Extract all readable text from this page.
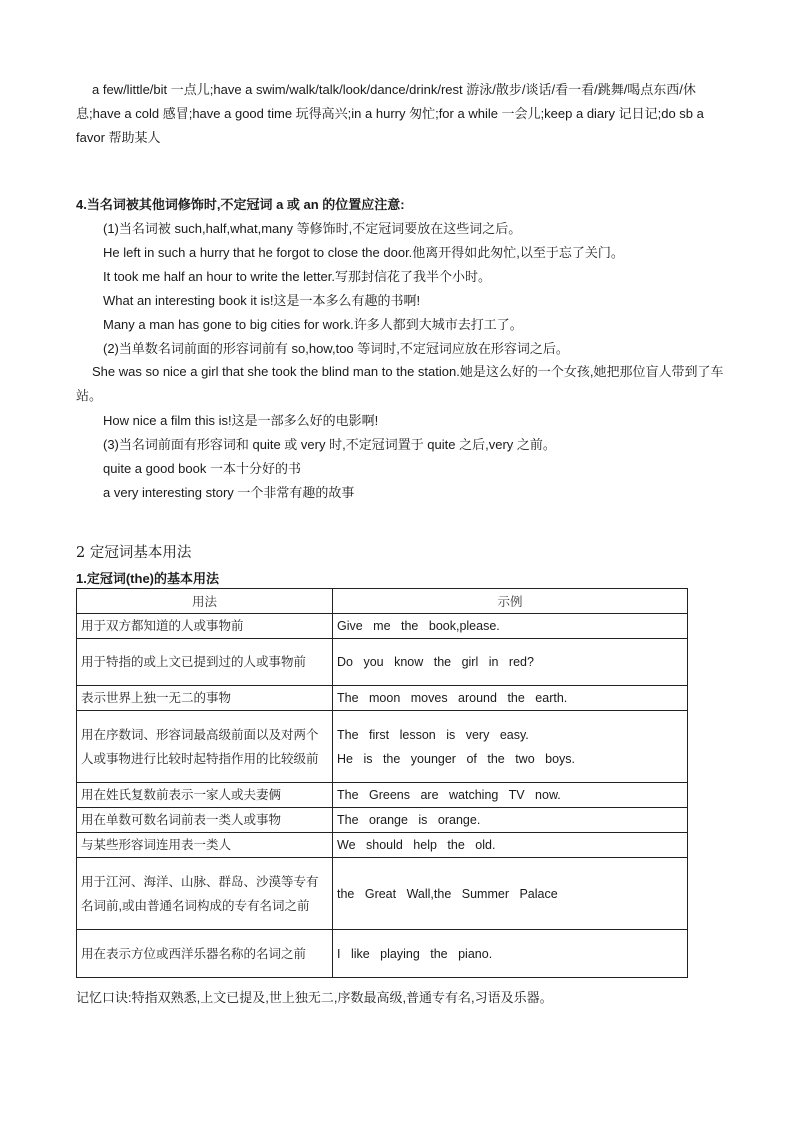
a few/little/bit 一点儿;have a swim/walk/talk/look/dance/drink/rest 游泳/散步/谈话/看一看/跳舞/喝点东西/休息;have a cold 感冒;have a good time 玩得高兴;in a hurry 匆忙;for a while 一会儿;keep a diary 记日记;do sb a favor 帮助某人

4.当名词被其他词修饰时,不定冠词 a 或 an 的位置应注意:
(1)当名词被 such,half,what,many 等修饰时,不定冠词要放在这些词之后。
He left in such a hurry that he forgot to close the door.他离开得如此匆忙,以至于忘了关门。
It took me half an hour to write the letter.写那封信花了我半个小时。
What an interesting book it is!这是一本多么有趣的书啊!
Many a man has gone to big cities for work.许多人都到大城市去打工了。
(2)当单数名词前面的形容词前有 so,how,too 等词时,不定冠词应放在形容词之后。

She was so nice a girl that she took the blind man to the station.她是这么好的一个女孩,她把那位盲人带到了车站。

How nice a film this is!这是一部多么好的电影啊!
(3)当名词前面有形容词和 quite 或 very 时,不定冠词置于 quite 之后,very 之前。
quite a good book 一本十分好的书
a very interesting story 一个非常有趣的故事
2 定冠词基本用法
1.定冠词(the)的基本用法
用法	示例
用于双方都知道的人或事物前	Give me the book,please.
用于特指的或上文已提到过的人或事物前	Do you know the girl in red?
表示世界上独一无二的事物	The moon moves around the earth.
用在序数词、形容词最高级前面以及对两个人或事物进行比较时起特指作用的比较级前	The first lesson is very easy.
He is the younger of the two boys.

用在姓氏复数前表示一家人或夫妻俩	The Greens are watching TV now.
用在单数可数名词前表一类人或事物	The orange is orange.
与某些形容词连用表一类人	We should help the old.
用于江河、海洋、山脉、群岛、沙漠等专有名词前,或由普通名词构成的专有名词之前	the Great Wall,the Summer Palace
用在表示方位或西洋乐器名称的名词之前	I like playing the piano.
记忆口诀:特指双熟悉,上文已提及,世上独无二,序数最高级,普通专有名,习语及乐器。
